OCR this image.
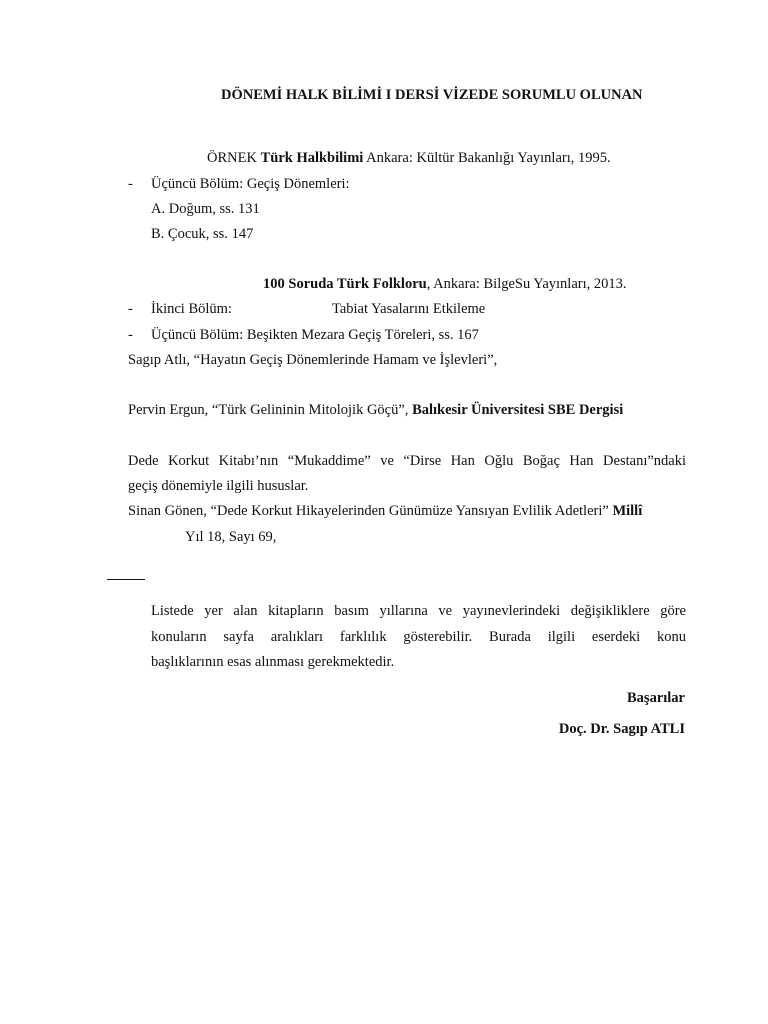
DÖNEMİ HALK BİLİMİ I DERSİ VİZEDE SORUMLU OLUNAN
ÖRNEK Türk Halkbilimi Ankara: Kültür Bakanlığı Yayınları, 1995.
- Üçüncü Bölüm: Geçiş Dönemleri:
A. Doğum, ss. 131
B. Çocuk, ss. 147
100 Soruda Türk Folkloru, Ankara: BilgeSu Yayınları, 2013.
- İkinci Bölüm:	Tabiat Yasalarını Etkileme
- Üçüncü Bölüm: Beşikten Mezara Geçiş Töreleri, ss. 167
Sagıp Atlı, “Hayatın Geçiş Dönemlerinde Hamam ve İşlevleri”,
Pervin Ergun, “Türk Gelininin Mitolojik Göçü”, Balıkesir Üniversitesi SBE Dergisi
Dede Korkut Kitabı’nın “Mukaddime” ve “Dirse Han Oğlu Boğaç Han Destanı”ndaki
geçiş dönemiyle ilgili hususlar.
Sinan Gönen, “Dede Korkut Hikayelerinden Günümüze Yansıyan Evlilik Adetleri” Millî
Yıl 18, Sayı 69,
Listede yer alan kitapların basım yıllarına ve yayınevlerindeki değişikliklere göre
konuların sayfa aralıkları farklılık gösterebilir. Burada ilgili eserdeki konu
başlıklarının esas alınması gerekmektedir.
Başarılar
Doç. Dr. Sagıp ATLI
